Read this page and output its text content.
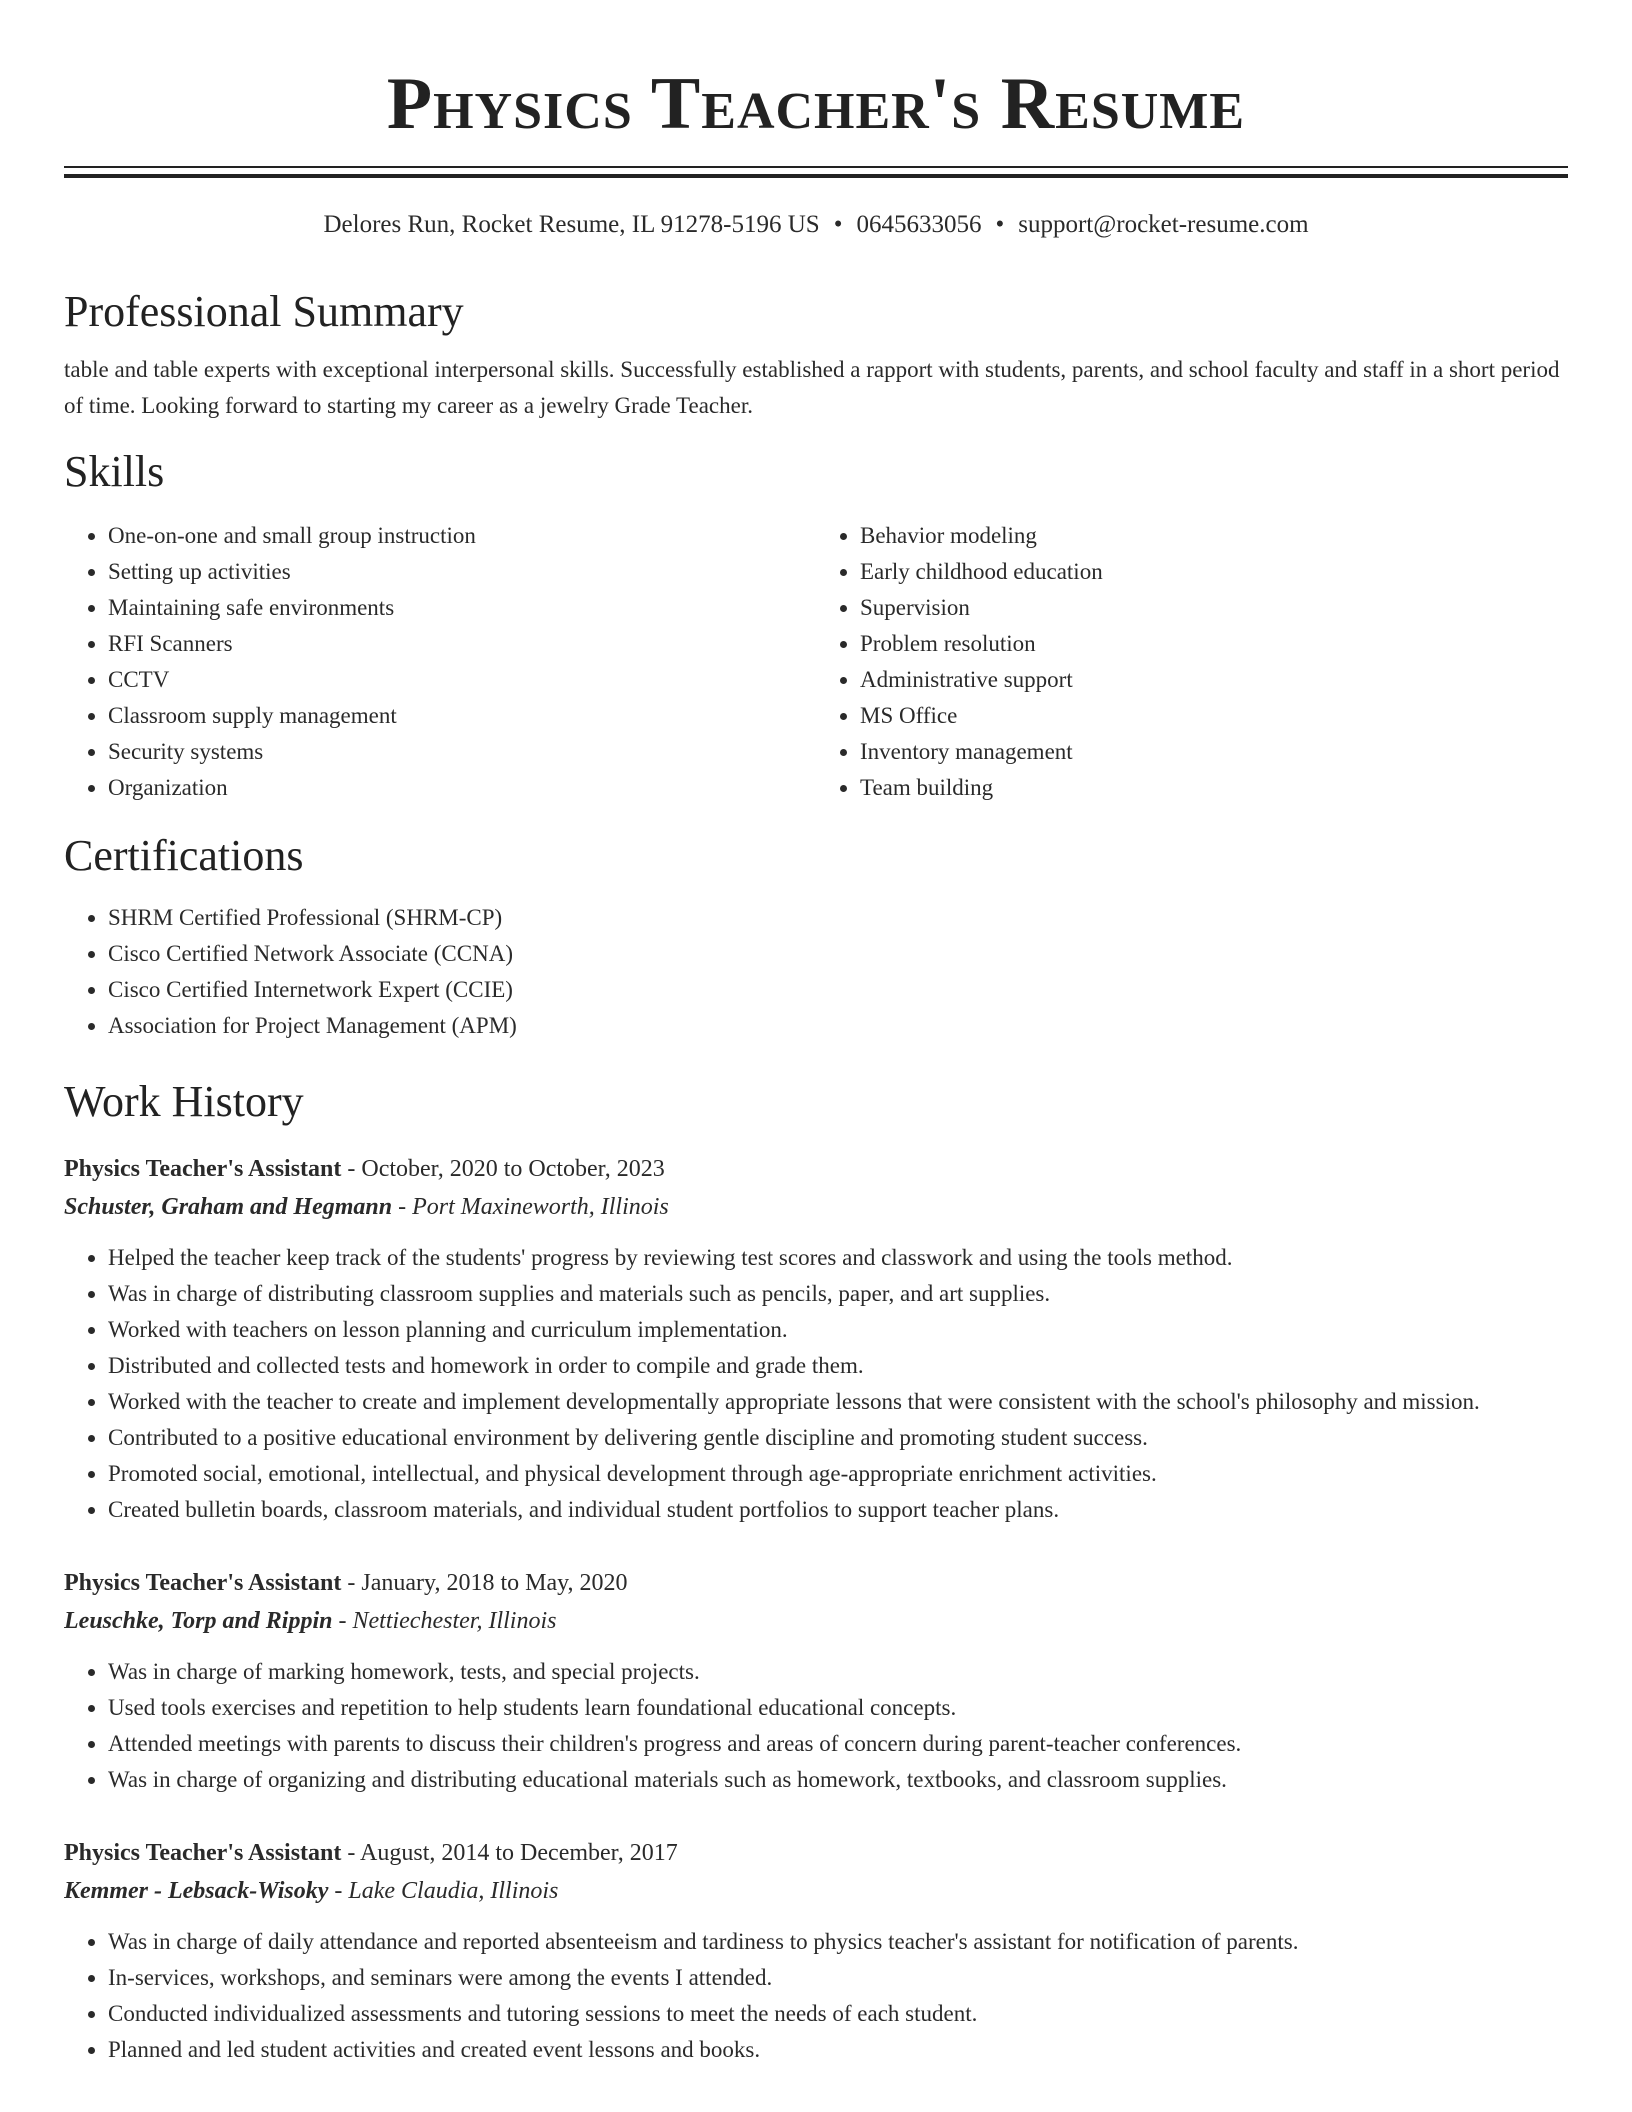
Physics Teacher's Resume
Delores Run, Rocket Resume, IL 91278-5196 US • 0645633056 • support@rocket-resume.com
Professional Summary

table and table experts with exceptional interpersonal skills. Successfully established a rapport with students, parents, and school faculty and staff in a short period of time. Looking forward to starting my career as a jewelry Grade Teacher.

Skills
• One-on-one and small group instruction
• Setting up activities
• Maintaining safe environments
• RFI Scanners
• CCTV
• Classroom supply management
• Security systems
• Organization
• Behavior modeling
• Early childhood education
• Supervision
• Problem resolution
• Administrative support
• MS Office
• Inventory management
• Team building
Certifications
• SHRM Certified Professional (SHRM-CP)
• Cisco Certified Network Associate (CCNA)
• Cisco Certified Internetwork Expert (CCIE)
• Association for Project Management (APM)
Work History

Physics Teacher's Assistant - October, 2020 to October, 2023

Schuster, Graham and Hegmann - Port Maxineworth, Illinois

• Helped the teacher keep track of the students' progress by reviewing test scores and classwork and using the tools method.
• Was in charge of distributing classroom supplies and materials such as pencils, paper, and art supplies.
• Worked with teachers on lesson planning and curriculum implementation.
• Distributed and collected tests and homework in order to compile and grade them.
• Worked with the teacher to create and implement developmentally appropriate lessons that were consistent with the school's philosophy and mission.
• Contributed to a positive educational environment by delivering gentle discipline and promoting student success.
• Promoted social, emotional, intellectual, and physical development through age-appropriate enrichment activities.
• Created bulletin boards, classroom materials, and individual student portfolios to support teacher plans.

Physics Teacher's Assistant - January, 2018 to May, 2020

Leuschke, Torp and Rippin - Nettiechester, Illinois

• Was in charge of marking homework, tests, and special projects.
• Used tools exercises and repetition to help students learn foundational educational concepts.
• Attended meetings with parents to discuss their children's progress and areas of concern during parent-teacher conferences.
• Was in charge of organizing and distributing educational materials such as homework, textbooks, and classroom supplies.

Physics Teacher's Assistant - August, 2014 to December, 2017

Kemmer - Lebsack-Wisoky - Lake Claudia, Illinois

• Was in charge of daily attendance and reported absenteeism and tardiness to physics teacher's assistant for notification of parents.
• In-services, workshops, and seminars were among the events I attended.
• Conducted individualized assessments and tutoring sessions to meet the needs of each student.
• Planned and led student activities and created event lessons and books.
